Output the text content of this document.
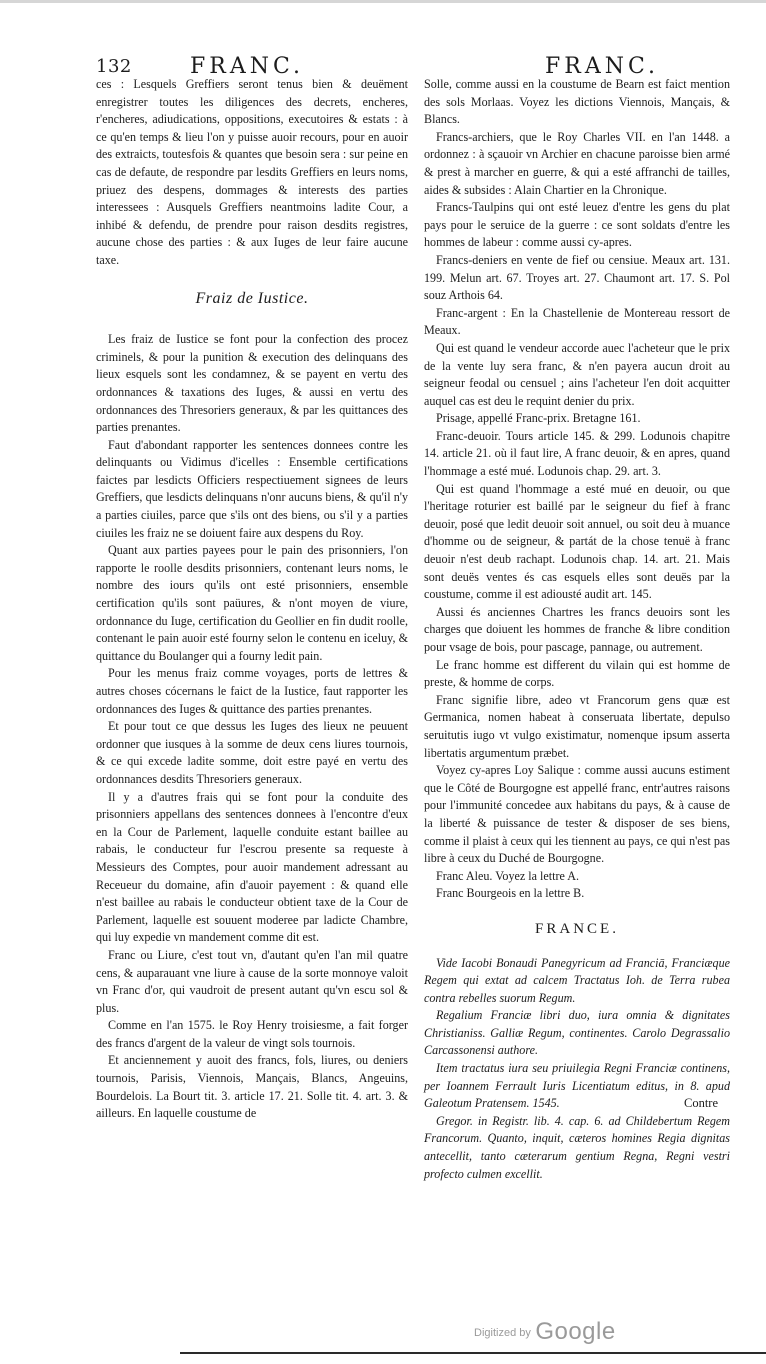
132	FRANC.	FRANC.

ces : Lesquels Greffiers seront tenus bien & deuëment enregistrer toutes les diligences des decrets, encheres, r'encheres, adiudications, oppositions, executoires & estats : à ce qu'en temps & lieu l'on y puisse auoir recours, pour en auoir des extraicts, toutesfois & quantes que besoin sera : sur peine en cas de defaute, de respondre par lesdits Greffiers en leurs noms, priuez des despens, dommages & interests des parties interessees : Ausquels Greffiers neantmoins ladite Cour, a inhibé & defendu, de prendre pour raison desdits registres, aucune chose des parties : & aux Iuges de leur faire aucune taxe.

Fraiz de Iustice.

Les fraiz de Iustice se font pour la confection des procez criminels, & pour la punition & execution des delinquans des lieux esquels sont les condamnez, & se payent en vertu des ordonnances & taxations des Iuges, & aussi en vertu des ordonnances des Thresoriers generaux, & par les quittances des parties prenantes.

Faut d'abondant rapporter les sentences donnees contre les delinquants ou Vidimus d'icelles : Ensemble certifications faictes par lesdicts Officiers respectiuement signees de leurs Greffiers, que lesdicts delinquans n'onr aucuns biens, & qu'il n'y a parties ciuiles, parce que s'ils ont des biens, ou s'il y a parties ciuiles les fraiz ne se doiuent faire aux despens du Roy.

Quant aux parties payees pour le pain des prisonniers, l'on rapporte le roolle desdits prisonniers, contenant leurs noms, le nombre des iours qu'ils ont esté prisonniers, ensemble certification qu'ils sont paüures, & n'ont moyen de viure, ordonnance du Iuge, certification du Geollier en fin dudit roolle, contenant le pain auoir esté fourny selon le contenu en iceluy, & quittance du Boulanger qui a fourny ledit pain.

Pour les menus fraiz comme voyages, ports de lettres & autres choses cócernans le faict de la Iustice, faut rapporter les ordonnances des Iuges & quittance des parties prenantes.

Et pour tout ce que dessus les Iuges des lieux ne peuuent ordonner que iusques à la somme de deux cens liures tournois, & ce qui excede ladite somme, doit estre payé en vertu des ordonnances desdits Thresoriers generaux.

Il y a d'autres frais qui se font pour la conduite des prisonniers appellans des sentences donnees à l'encontre d'eux en la Cour de Parlement, laquelle conduite estant baillee au rabais, le conducteur fur l'escrou presente sa requeste à Messieurs des Comptes, pour auoir mandement adressant au Receueur du domaine, afin d'auoir payement : & quand elle n'est baillee au rabais le conducteur obtient taxe de la Cour de Parlement, laquelle est souuent moderee par ladicte Chambre, qui luy expedie vn mandement comme dit est.

Franc ou Liure, c'est tout vn, d'autant qu'en l'an mil quatre cens, & auparauant vne liure à cause de la sorte monnoye valoit vn Franc d'or, qui vaudroit de present autant qu'vn escu sol & plus.

Comme en l'an 1575. le Roy Henry troisiesme, a fait forger des francs d'argent de la valeur de vingt sols tournois.

Et anciennement y auoit des francs, fols, liures, ou deniers tournois, Parisis, Viennois, Mançais, Blancs, Angeuins, Bourdelois. La Bourt tit. 3. article 17. 21. Solle tit. 4. art. 3. & ailleurs. En laquelle coustume de

Solle, comme aussi en la coustume de Bearn est faict mention des sols Morlaas. Voyez les dictions Viennois, Mançais, & Blancs.

Francs-archiers, que le Roy Charles VII. en l'an 1448. a ordonnez : à sçauoir vn Archier en chacune paroisse bien armé & prest à marcher en guerre, & qui a esté affranchi de tailles, aides & subsides : Alain Chartier en la Chronique.

Francs-Taulpins qui ont esté leuez d'entre les gens du plat pays pour le seruice de la guerre : ce sont soldats d'entre les hommes de labeur : comme aussi cy-apres.

Francs-deniers en vente de fief ou censiue. Meaux art. 131. 199. Melun art. 67. Troyes art. 27. Chaumont art. 17. S. Pol souz Arthois 64.

Franc-argent : En la Chastellenie de Montereau ressort de Meaux.

Qui est quand le vendeur accorde auec l'acheteur que le prix de la vente luy sera franc, & n'en payera aucun droit au seigneur feodal ou censuel ; ains l'acheteur l'en doit acquitter auquel cas est deu le requint denier du prix.

Prisage, appellé Franc-prix. Bretagne 161.

Franc-deuoir. Tours article 145. & 299. Lodunois chapitre 14. article 21. où il faut lire, A franc deuoir, & en apres, quand l'hommage a esté mué. Lodunois chap. 29. art. 3.

Qui est quand l'hommage a esté mué en deuoir, ou que l'heritage roturier est baillé par le seigneur du fief à franc deuoir, posé que ledit deuoir soit annuel, ou soit deu à muance d'homme ou de seigneur, & partát de la chose tenuë à franc deuoir n'est deub rachapt. Lodunois chap. 14. art. 21. Mais sont deuës ventes és cas esquels elles sont deuës par la coustume, comme il est adiousté audit art. 145.

Aussi és anciennes Chartres les francs deuoirs sont les charges que doiuent les hommes de franche & libre condition pour vsage de bois, pour pascage, pannage, ou autrement.

Le franc homme est different du vilain qui est homme de preste, & homme de corps.

Franc signifie libre, adeo vt Francorum gens quæ est Germanica, nomen habeat à conseruata libertate, depulso seruitutis iugo vt vulgo existimatur, nomenque ipsum asserta libertatis argumentum præbet.

Voyez cy-apres Loy Salique : comme aussi aucuns estiment que le Côté de Bourgogne est appellé franc, entr'autres raisons pour l'immunité concedee aux habitans du pays, & à cause de la liberté & puissance de tester & disposer de ses biens, comme il plaist à ceux qui les tiennent au pays, ce qui n'est pas libre à ceux du Duché de Bourgogne.

Franc Aleu. Voyez la lettre A.

Franc Bourgeois en la lettre B.

FRANCE.

Vide Iacobi Bonaudi Panegyricum ad Franciā, Franciæque Regem qui extat ad calcem Tractatus Ioh. de Terra rubea contra rebelles suorum Regum.

Regalium Franciæ libri duo, iura omnia & dignitates Christianiss. Galliæ Regum, continentes. Carolo Degrassalio Carcassonensi authore.

Item tractatus iura seu priuilegia Regni Franciæ continens, per Ioannem Ferrault Iuris Licentiatum editus, in 8. apud Galeotum Pratensem. 1545.

Gregor. in Registr. lib. 4. cap. 6. ad Childebertum Regem Francorum. Quanto, inquit, cæteros homines Regia dignitas antecellit, tanto cæterarum gentium Regna, Regni vestri profecto culmen excellit.

Contre
Digitized by Google
